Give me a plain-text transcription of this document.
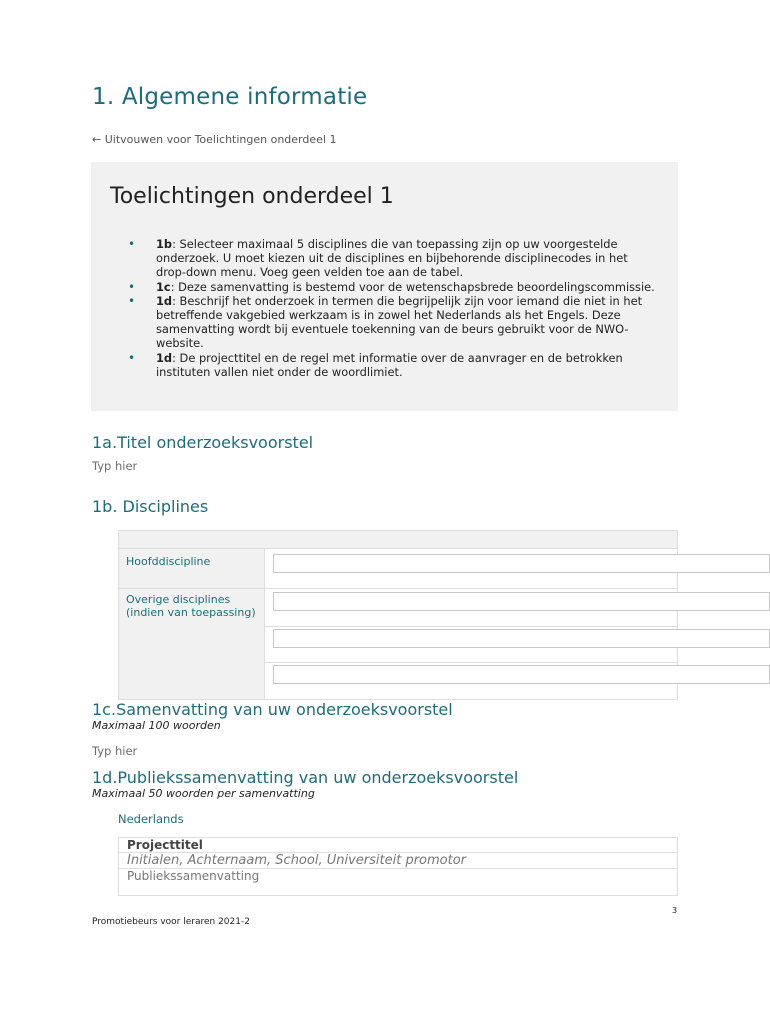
1. Algemene informatie
← Uitvouwen voor Toelichtingen onderdeel 1
Toelichtingen onderdeel 1
• 1b: Selecteer maximaal 5 disciplines die van toepassing zijn op uw voorgestelde onderzoek. U moet kiezen uit de disciplines en bijbehorende disciplinecodes in het drop-down menu. Voeg geen velden toe aan de tabel.
• 1c: Deze samenvatting is bestemd voor de wetenschapsbrede beoordelingscommissie.
• 1d: Beschrijf het onderzoek in termen die begrijpelijk zijn voor iemand die niet in het betreffende vakgebied werkzaam is in zowel het Nederlands als het Engels. Deze samenvatting wordt bij eventuele toekenning van de beurs gebruikt voor de NWO-website.
• 1d: De projecttitel en de regel met informatie over de aanvrager en de betrokken instituten vallen niet onder de woordlimiet.
1a.Titel onderzoeksvoorstel
Typ hier
1b. Disciplines
Hoofddiscipline
Overige disciplines (indien van toepassing)
1c.Samenvatting van uw onderzoeksvoorstel
Maximaal 100 woorden
Typ hier
1d.Publiekssamenvatting van uw onderzoeksvoorstel
Maximaal 50 woorden per samenvatting
Nederlands
Projecttitel
Initialen, Achternaam, School, Universiteit promotor
Publiekssamenvatting
3
Promotiebeurs voor leraren 2021-2
